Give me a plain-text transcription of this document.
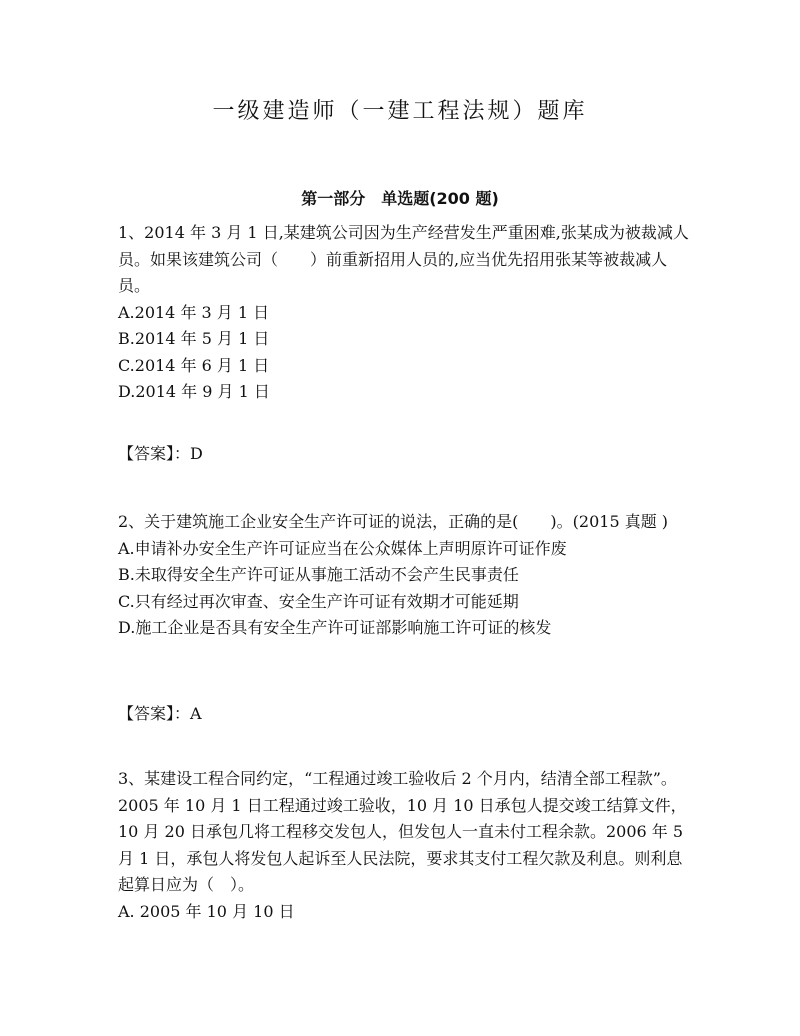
一级建造师（一建工程法规）题库
第一部分　单选题(200 题)

1、2014 年 3 月 1 日,某建筑公司因为生产经营发生严重困难,张某成为被裁减人员。如果该建筑公司（　　）前重新招用人员的,应当优先招用张某等被裁减人员。

A.2014 年 3 月 1 日

B.2014 年 5 月 1 日

C.2014 年 6 月 1 日

D.2014 年 9 月 1 日

【答案】：D

2、关于建筑施工企业安全生产许可证的说法，正确的是(　　)。(2015 真题 )

A.申请补办安全生产许可证应当在公众媒体上声明原许可证作废

B.未取得安全生产许可证从事施工活动不会产生民事责任

C.只有经过再次审查、安全生产许可证有效期才可能延期

D.施工企业是否具有安全生产许可证部影响施工许可证的核发

【答案】：A

3、某建设工程合同约定，“工程通过竣工验收后 2 个月内，结清全部工程款”。2005 年 10 月 1 日工程通过竣工验收，10 月 10 日承包人提交竣工结算文件，10 月 20 日承包几将工程移交发包人，但发包人一直未付工程余款。2006 年 5 月 1 日，承包人将发包人起诉至人民法院，要求其支付工程欠款及利息。则利息起算日应为（　）。

A. 2005 年 10 月 10 日
